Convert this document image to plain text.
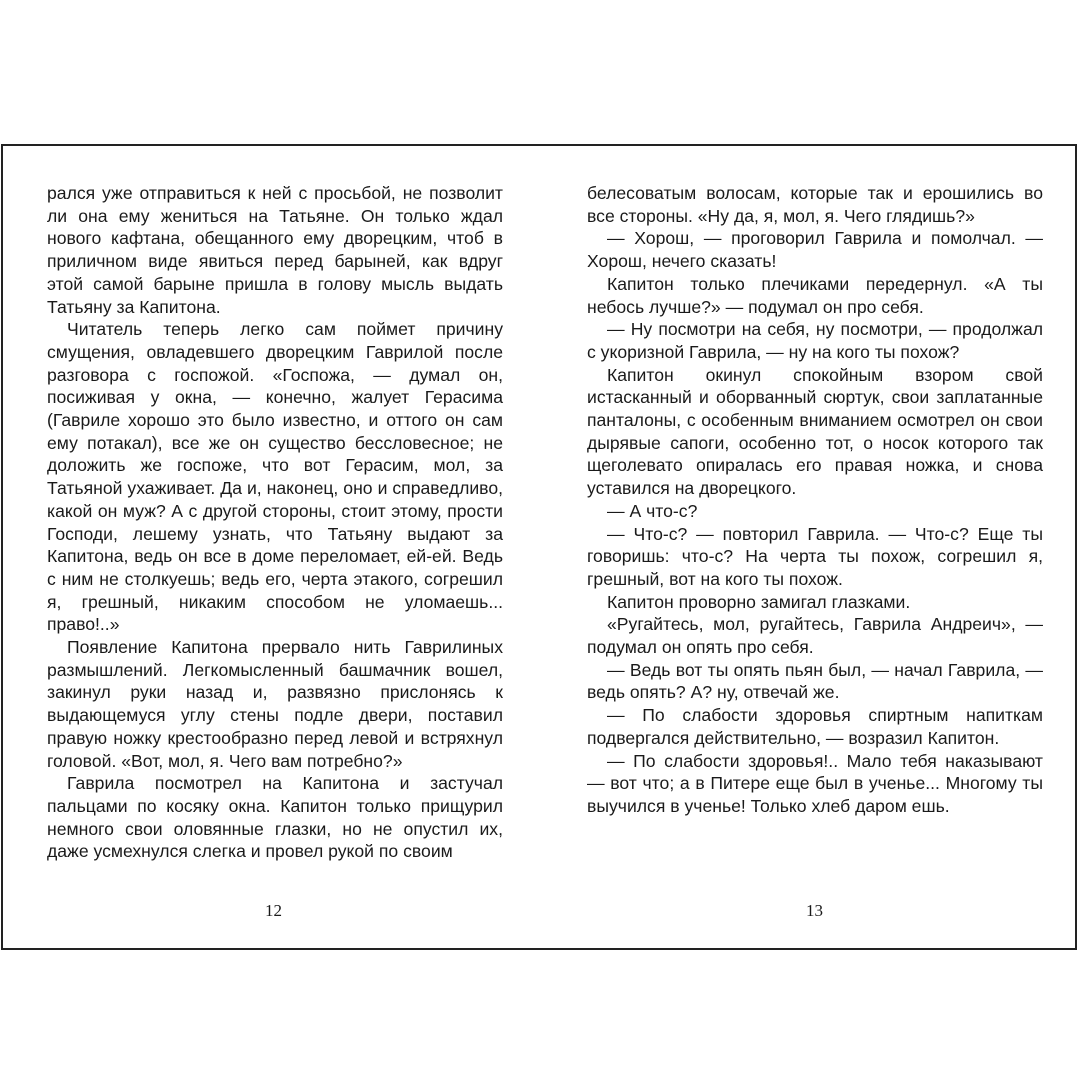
рался уже отправиться к ней с просьбой, не позволит ли она ему жениться на Татьяне. Он только ждал нового кафтана, обещанного ему дворецким, чтоб в приличном виде явиться перед барыней, как вдруг этой самой барыне пришла в голову мысль выдать Татьяну за Капитона.

Читатель теперь легко сам поймет причину смущения, овладевшего дворецким Гаврилой после разговора с госпожой. «Госпожа, — думал он, посиживая у окна, — конечно, жалует Герасима (Гавриле хорошо это было известно, и оттого он сам ему потакал), все же он существо бессловесное; не доложить же госпоже, что вот Герасим, мол, за Татьяной ухаживает. Да и, наконец, оно и справедливо, какой он муж? А с другой стороны, стоит этому, прости Господи, лешему узнать, что Татьяну выдают за Капитона, ведь он все в доме переломает, ей-ей. Ведь с ним не столкуешь; ведь его, черта этакого, согрешил я, грешный, никаким способом не уломаешь... право!..»

Появление Капитона прервало нить Гаврилиных размышлений. Легкомысленный башмачник вошел, закинул руки назад и, развязно прислонясь к выдающемуся углу стены подле двери, поставил правую ножку крестообразно перед левой и встряхнул головой. «Вот, мол, я. Чего вам потребно?»

Гаврила посмотрел на Капитона и застучал пальцами по косяку окна. Капитон только прищурил немного свои оловянные глазки, но не опустил их, даже усмехнулся слегка и провел рукой по своим

12

белесоватым волосам, которые так и ерошились во все стороны. «Ну да, я, мол, я. Чего глядишь?»

— Хорош, — проговорил Гаврила и помолчал. — Хорош, нечего сказать!

Капитон только плечиками передернул. «А ты небось лучше?» — подумал он про себя.

— Ну посмотри на себя, ну посмотри, — продолжал с укоризной Гаврила, — ну на кого ты похож?

Капитон окинул спокойным взором свой истасканный и оборванный сюртук, свои заплатанные панталоны, с особенным вниманием осмотрел он свои дырявые сапоги, особенно тот, о носок которого так щеголевато опиралась его правая ножка, и снова уставился на дворецкого.

— А что-с?

— Что-с? — повторил Гаврила. — Что-с? Еще ты говоришь: что-с? На черта ты похож, согрешил я, грешный, вот на кого ты похож.

Капитон проворно замигал глазками.

«Ругайтесь, мол, ругайтесь, Гаврила Андреич», — подумал он опять про себя.

— Ведь вот ты опять пьян был, — начал Гаврила, — ведь опять? А? ну, отвечай же.

— По слабости здоровья спиртным напиткам подвергался действительно, — возразил Капитон.

— По слабости здоровья!.. Мало тебя наказывают — вот что; а в Питере еще был в ученье... Многому ты выучился в ученье! Только хлеб даром ешь.

13
